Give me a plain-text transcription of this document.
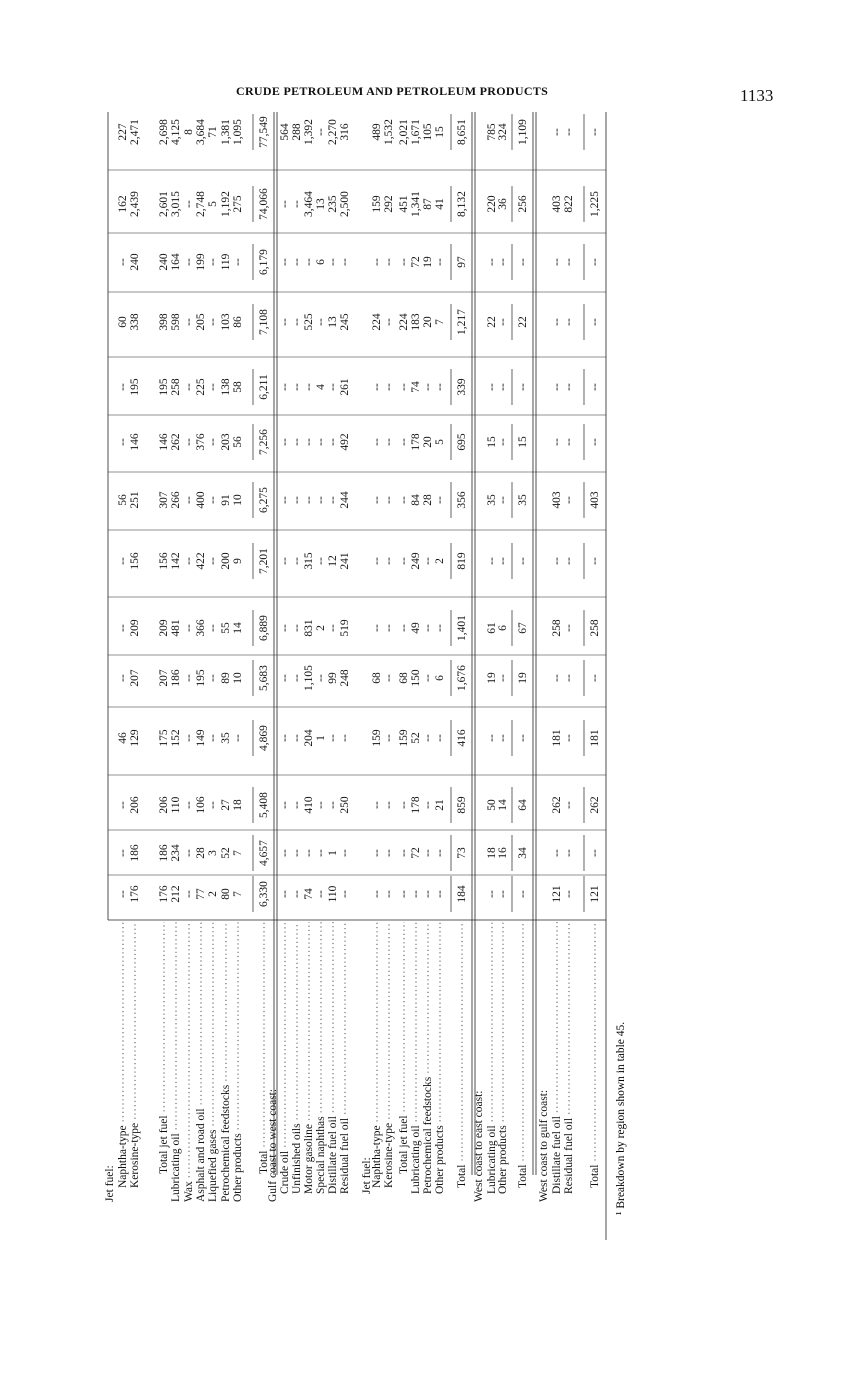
CRUDE PETROLEUM AND PETROLEUM PRODUCTS	1133
Jet fuel: Naphtha-type
--
--
--
46
--
--
--
56
--
--
60
--
162
227
Kerosine-type
176
186
206
129
207
209
156
251
146
195
338
240
2,439
2,471
Total jet fuel
176
186
206
175
207
209
156
307
146
195
398
240
2,601
2,698
Lubricating oil
212
234
110
152
186
481
142
266
262
258
598
164
3,015
4,125
Wax
--
--
--
--
--
--
--
--
--
--
--
--
--
8
Asphalt and road oil
77
28
106
149
195
366
422
400
376
225
205
199
2,748
3,684
Liquefied gases
2
3
--
--
--
--
--
--
--
--
--
--
5
71
Petrochemical feedstocks
80
52
27
35
89
55
200
91
203
138
103
119
1,192
1,381
Other products
7
7
18
--
10
14
9
10
56
58
86
--
275
1,095
Total
6,330
4,657
5,408
4,869
5,683
6,889
7,201
6,275
7,256
6,211
7,108
6,179
74,066
77,549
Gulf coast to west coast: Crude oil
--
--
--
--
--
--
--
--
--
--
--
--
--
564
Unfinished oils
--
--
--
--
--
--
--
--
--
--
--
--
--
288
Motor gasoline
74
--
410
204
1,105
831
315
--
--
--
525
--
3,464
1,392
Special naphthas
--
--
--
1
--
2
--
--
--
4
--
6
13
--
Distillate fuel oil
110
1
--
--
99
--
12
--
--
--
13
--
235
2,270
Residual fuel oil
--
--
250
--
248
519
241
244
492
261
245
--
2,500
316
Jet fuel:
Naphtha-type
--
--
--
159
68
--
--
--
--
--
224
--
159
489
Kerosine-type
--
--
--
--
--
--
--
--
--
--
--
--
292
1,532
Total jet fuel
--
--
--
159
68
--
--
--
--
--
224
--
451
2,021
Lubricating oil
--
72
178
52
150
49
249
84
178
74
183
72
1,341
1,671
Petrochemical feedstocks
--
--
--
--
--
--
--
28
20
--
20
19
87
105
Other products
--
--
21
--
6
--
2
--
5
--
7
--
41
15
Total
184
73
859
416
1,676
1,401
819
356
695
339
1,217
97
8,132
8,651
West coast to east coast: Lubricating oil
--
18
50
--
19
61
--
35
15
--
22
--
220
785
Other products
--
16
14
--
--
6
--
--
--
--
--
--
36
324
Total
--
34
64
--
19
67
--
35
15
--
22
--
256
1,109
West coast to gulf coast: Distillate fuel oil
121
--
262
181
--
258
--
403
--
--
--
--
403
--
Residual fuel oil
--
--
--
--
--
--
--
--
--
--
--
--
822
--
Total
121
--
262
181
--
258
--
403
--
--
--
--
1,225
--
¹ Breakdown by region shown in table 45.
